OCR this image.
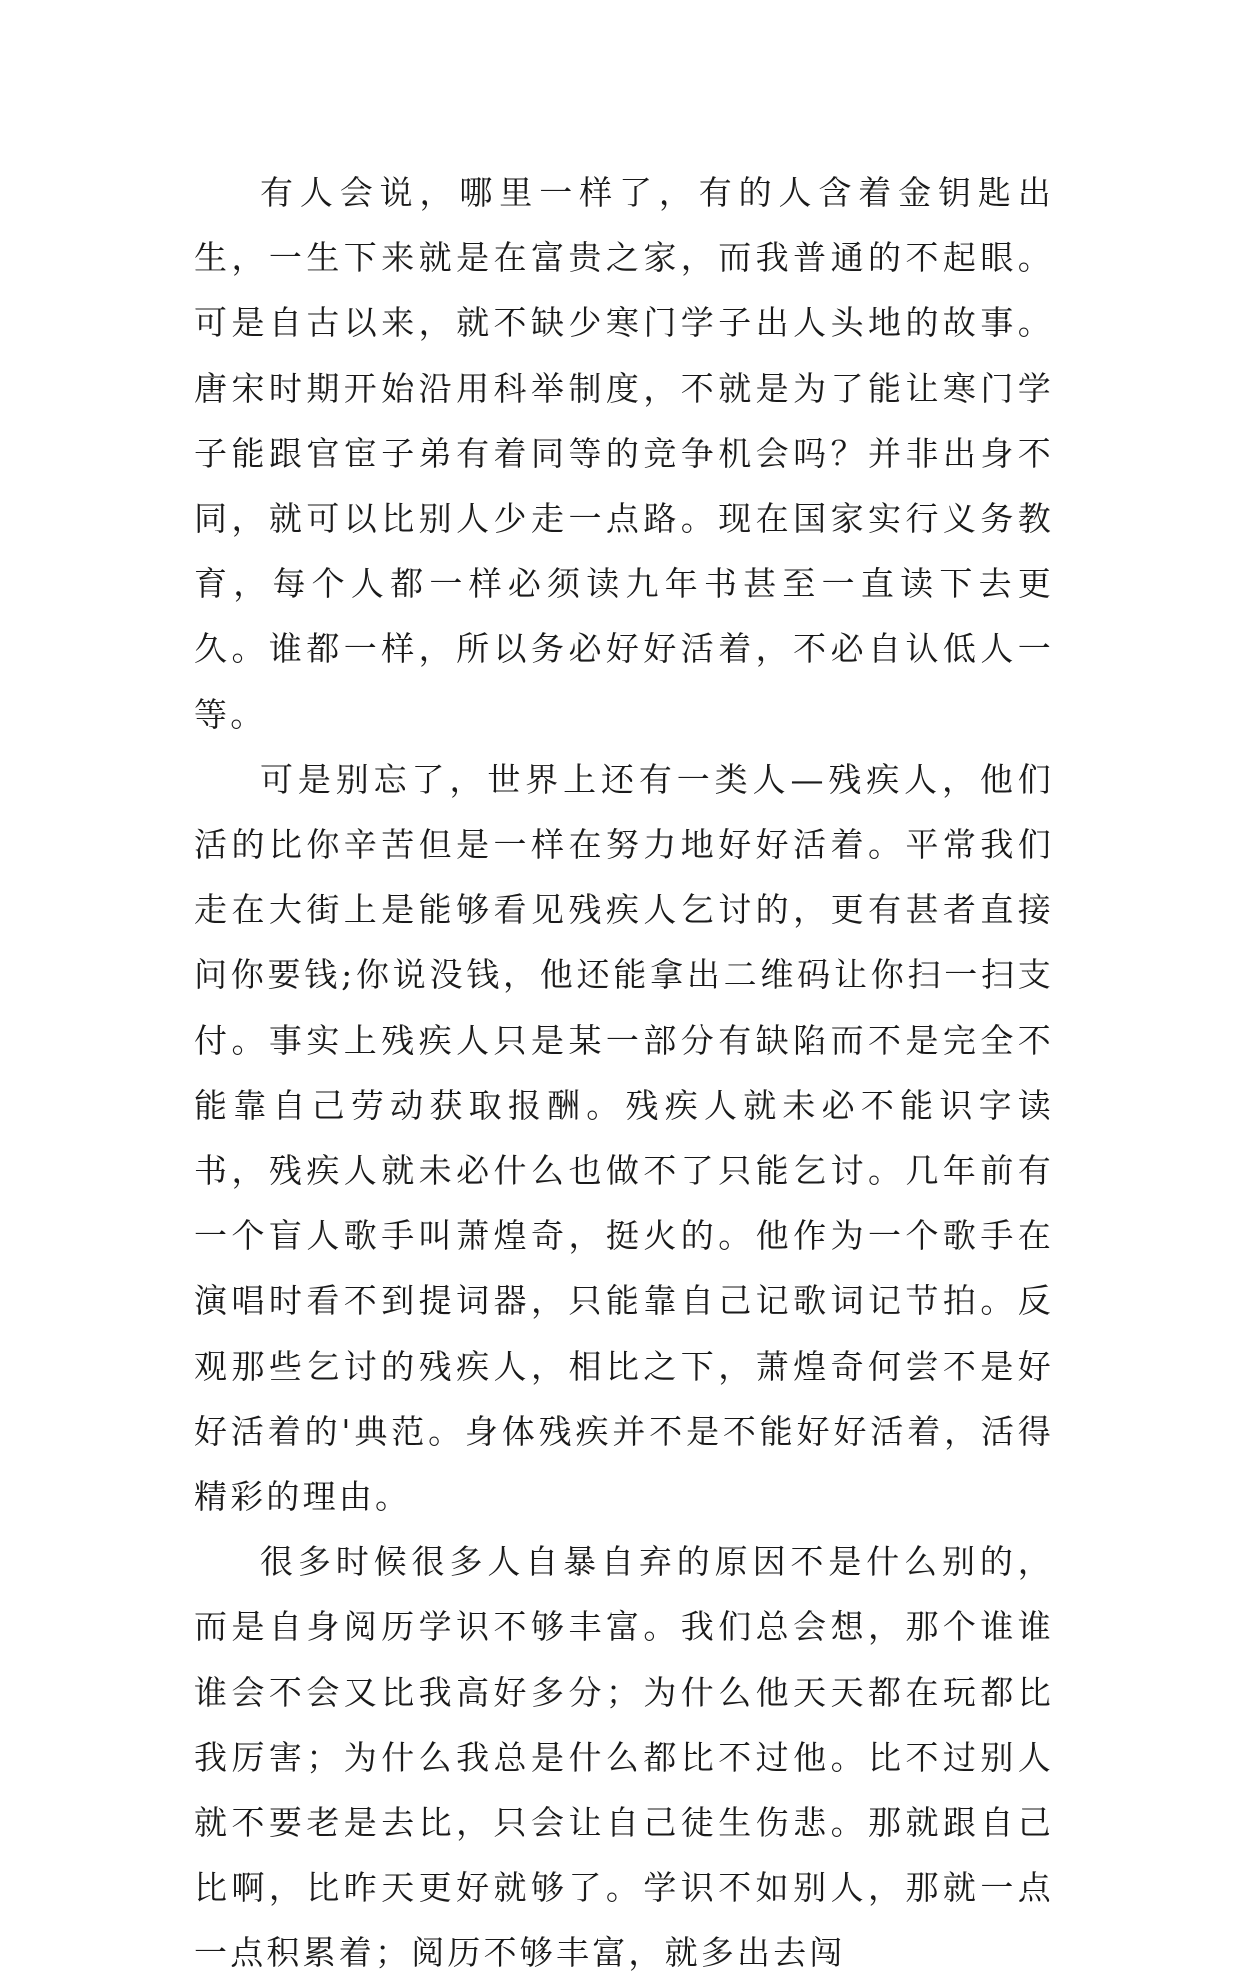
有人会说，哪里一样了，有的人含着金钥匙出生，一生下来就是在富贵之家，而我普通的不起眼。可是自古以来，就不缺少寒门学子出人头地的故事。唐宋时期开始沿用科举制度，不就是为了能让寒门学子能跟官宦子弟有着同等的竞争机会吗？并非出身不同，就可以比别人少走一点路。现在国家实行义务教育，每个人都一样必须读九年书甚至一直读下去更久。谁都一样，所以务必好好活着，不必自认低人一等。

可是别忘了，世界上还有一类人—残疾人，他们活的比你辛苦但是一样在努力地好好活着。平常我们走在大街上是能够看见残疾人乞讨的，更有甚者直接问你要钱;你说没钱，他还能拿出二维码让你扫一扫支付。事实上残疾人只是某一部分有缺陷而不是完全不能靠自己劳动获取报酬。残疾人就未必不能识字读书，残疾人就未必什么也做不了只能乞讨。几年前有一个盲人歌手叫萧煌奇，挺火的。他作为一个歌手在演唱时看不到提词器，只能靠自己记歌词记节拍。反观那些乞讨的残疾人，相比之下，萧煌奇何尝不是好好活着的'典范。身体残疾并不是不能好好活着，活得精彩的理由。

很多时候很多人自暴自弃的原因不是什么别的，而是自身阅历学识不够丰富。我们总会想，那个谁谁谁会不会又比我高好多分；为什么他天天都在玩都比我厉害；为什么我总是什么都比不过他。比不过别人就不要老是去比，只会让自己徒生伤悲。那就跟自己比啊，比昨天更好就够了。学识不如别人，那就一点一点积累着；阅历不够丰富，就多出去闯
